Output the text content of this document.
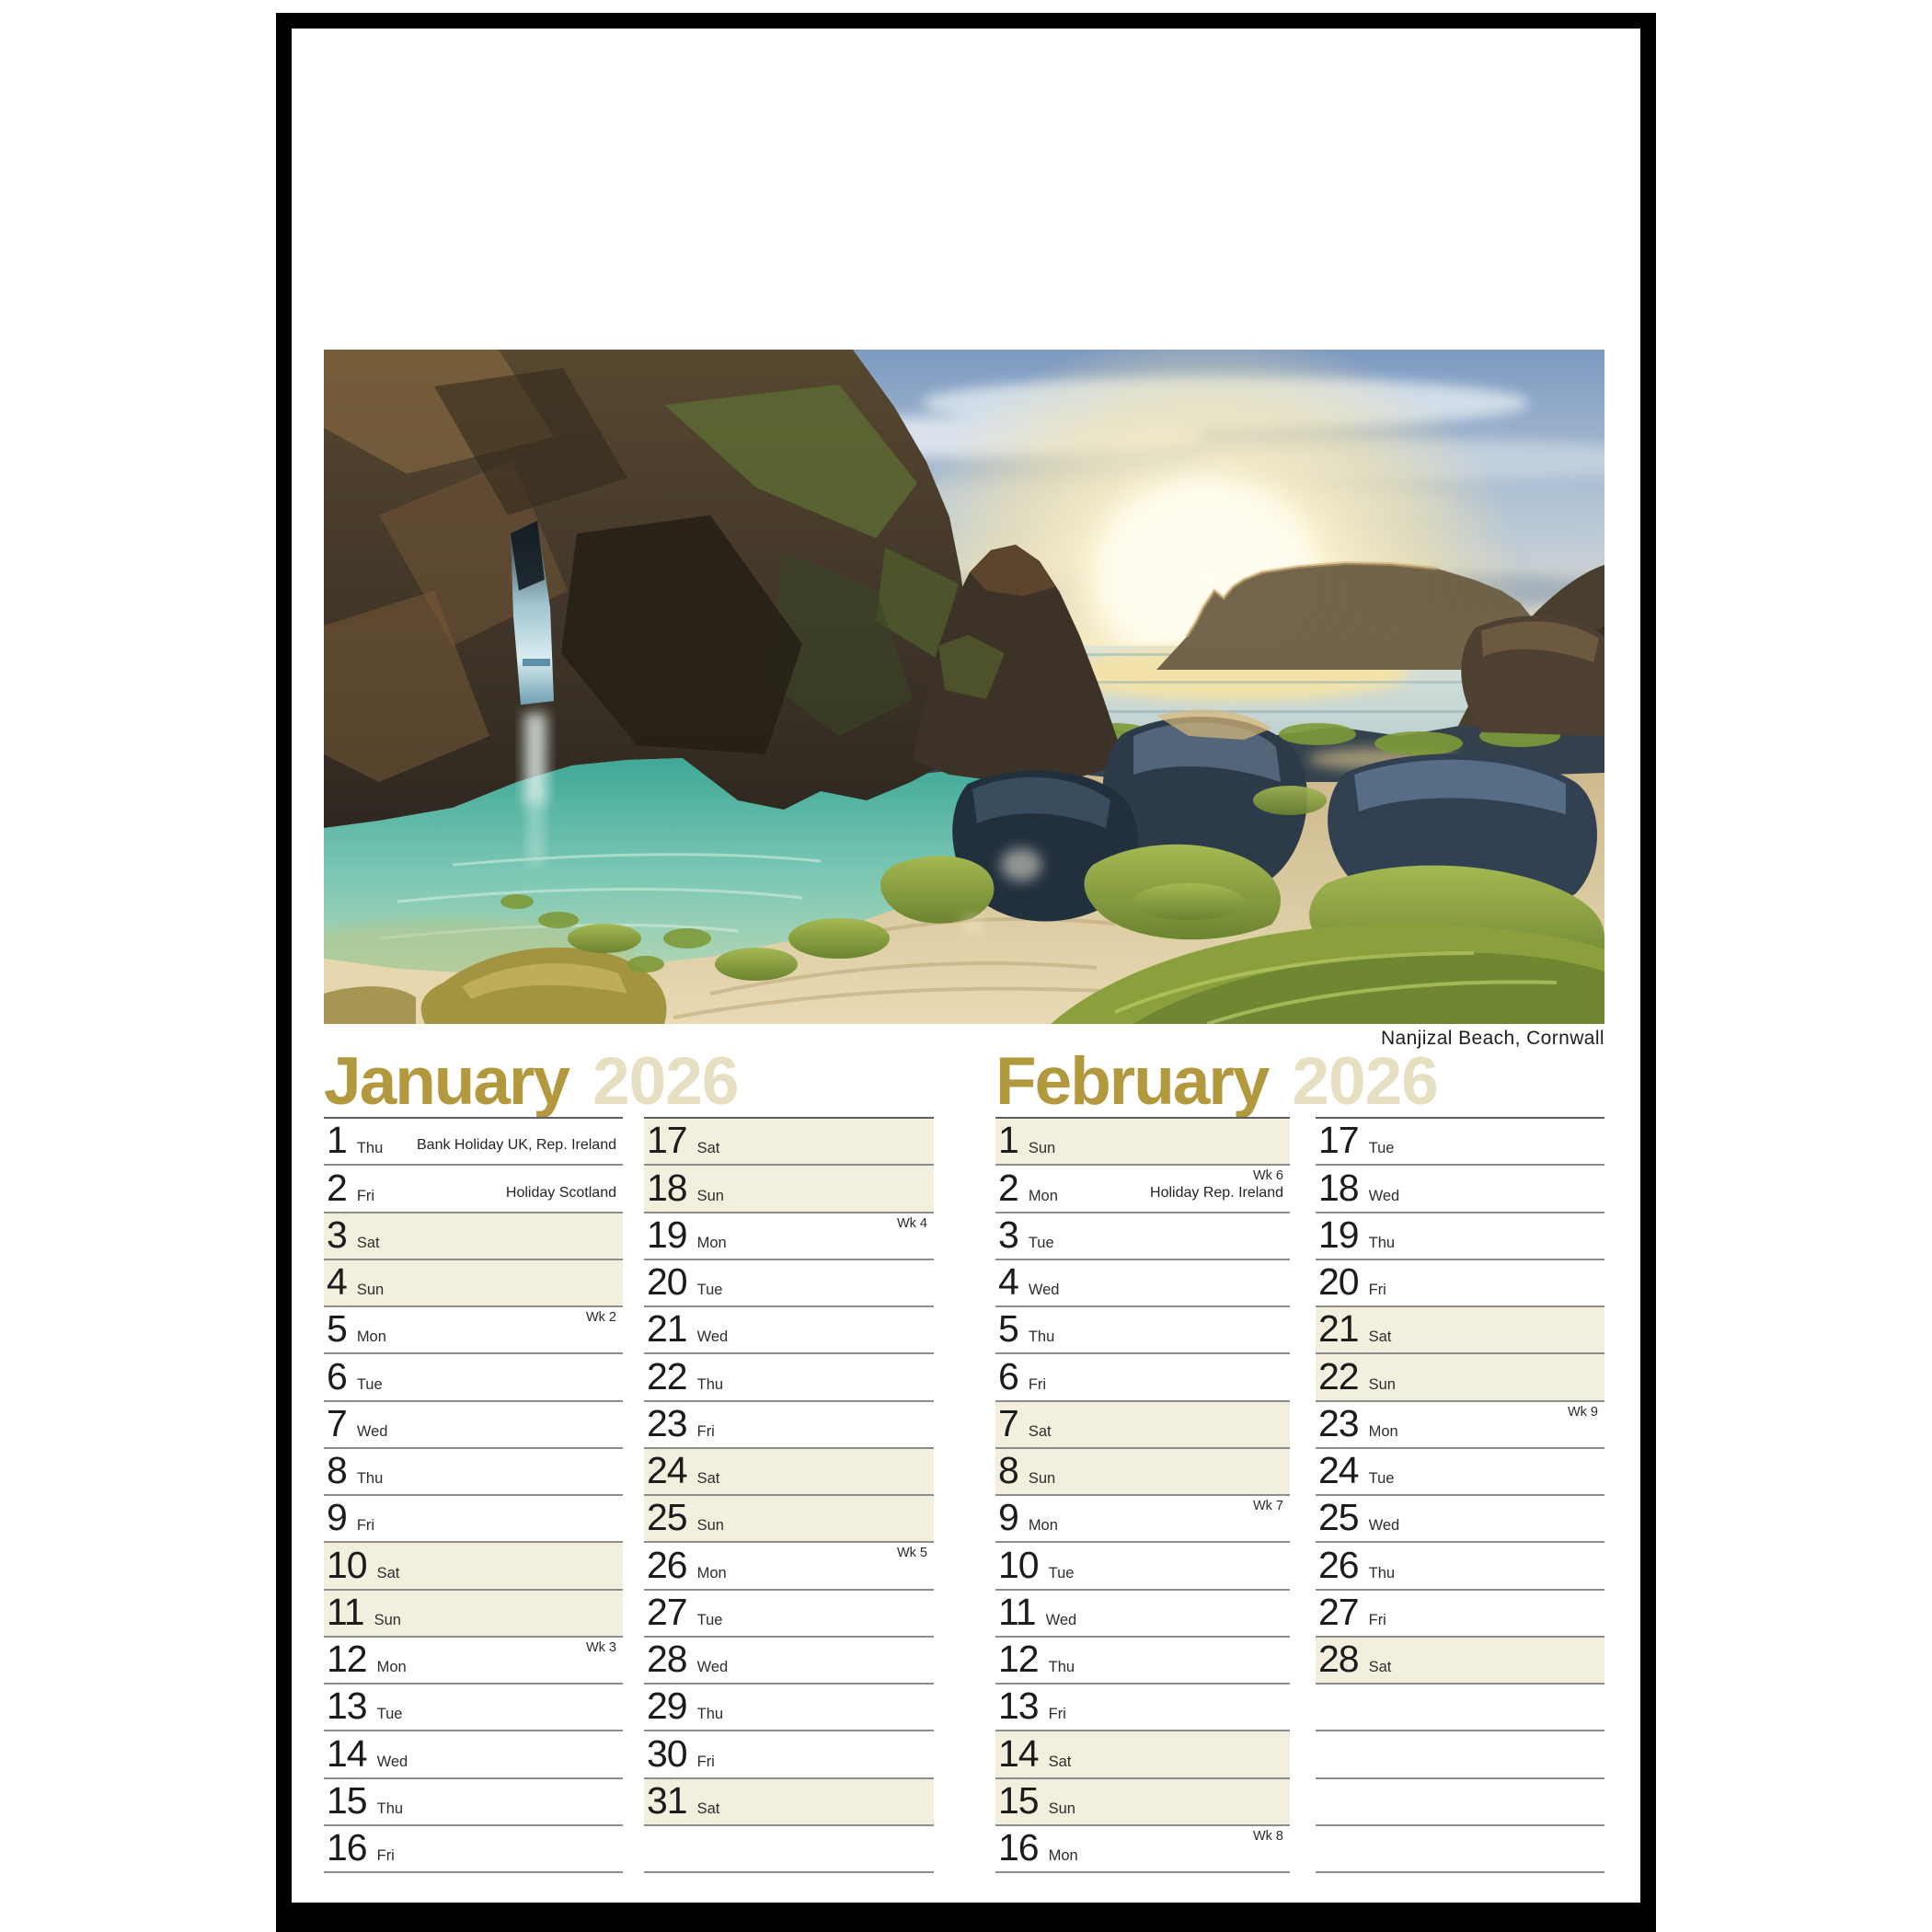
Nanjizal Beach, Cornwall
January 2026	February 2026
1 Thu Bank Holiday UK, Rep. Ireland
2 Fri	Holiday Scotland
3 Sat
4 Sun
5 Mon
Wk 2
6 Tue
7 Wed
8 Thu
9 Fri
10 Sat
11 Sun
12 Mon
Wk 3
13 Tue
14 Wed
15 Thu
16 Fri
17 Sat
18 Sun
19 Mon
Wk 4
20 Tue
21 Wed
22 Thu
23 Fri
24 Sat
25 Sun
26 Mon
Wk 5
27 Tue
28 Wed
29 Thu
30 Fri
31 Sat
1 Sun
2 Mon
Wk 6
Holiday Rep. Ireland
3 Tue
4 Wed
5 Thu
6 Fri
7 Sat
8 Sun
9 Mon
Wk 7
10 Tue
11 Wed
12 Thu
13 Fri
14 Sat
15 Sun
16 Mon
Wk 8
17 Tue
18 Wed
19 Thu
20 Fri
21 Sat
22 Sun
23 Mon
Wk 9
24 Tue
25 Wed
26 Thu
27 Fri
28 Sat
